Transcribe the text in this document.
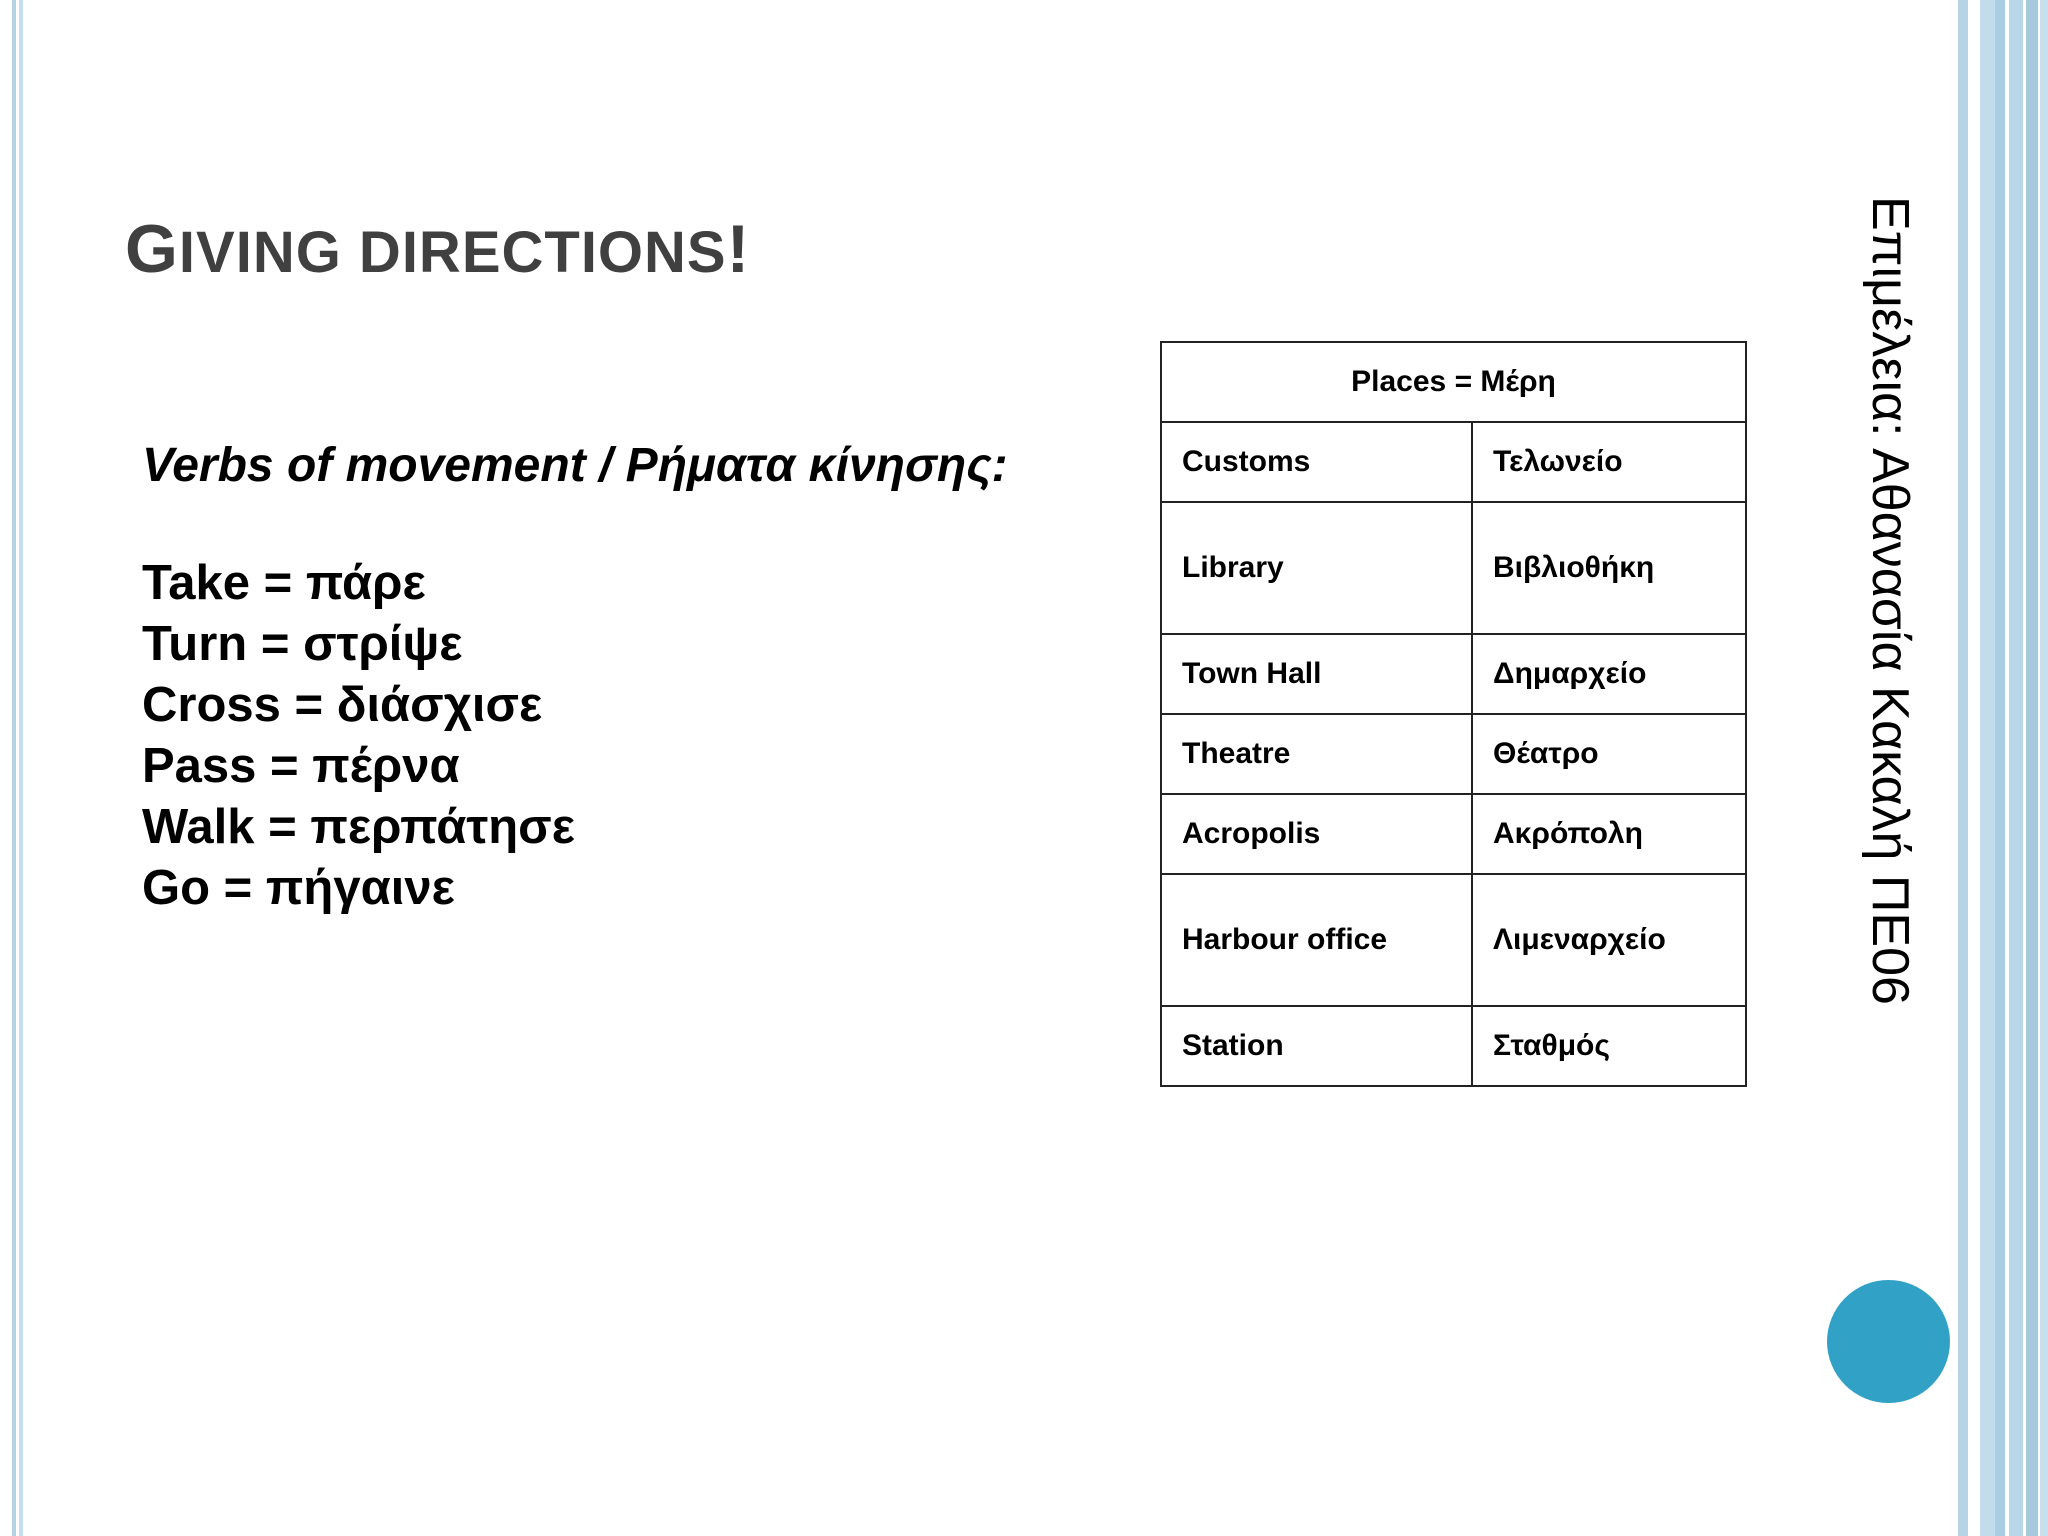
GIVING DIRECTIONS!
Verbs of movement / Ρήματα κίνησης:
Take = πάρε
Turn = στρίψε
Cross = διάσχισε
Pass = πέρνα
Walk = περπάτησε
Go = πήγαινε
Places = Μέρη	
Customs	Τελωνείο
Library	Βιβλιοθήκη
Town Hall	Δημαρχείο
Theatre	Θέατρο
Acropolis	Ακρόπολη
Harbour office	Λιμεναρχείο
Station	Σταθμός
Επιμέλεια: Αθανασία Κακαλή ΠΕ06
